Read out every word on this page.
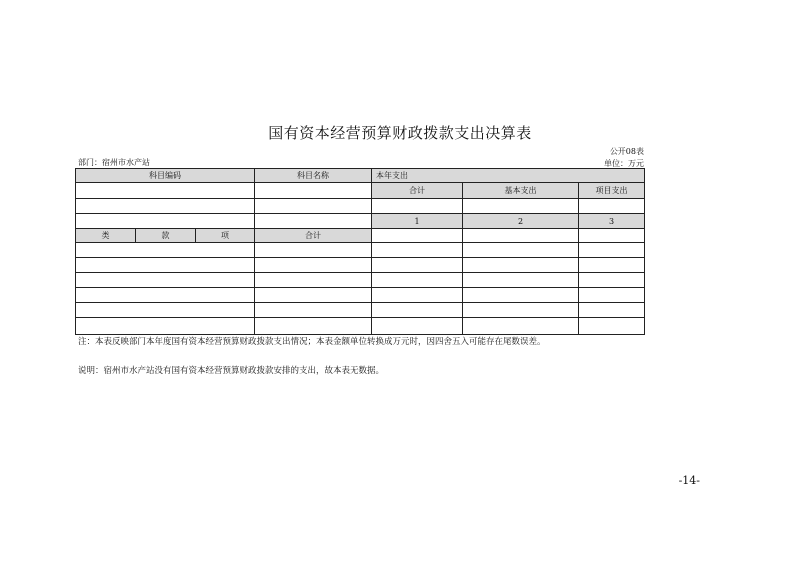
国有资本经营预算财政拨款支出决算表
公开08表
部门：宿州市水产站	单位：万元
科目编码			科目名称	本年支出		
				合计	基本支出	项目支出

				1	2	3
类	款	项	合计			

注：本表反映部门本年度国有资本经营预算财政拨款支出情况；本表金额单位转换成万元时，因四舍五入可能存在尾数误差。
说明：宿州市水产站没有国有资本经营预算财政拨款安排的支出，故本表无数据。
-14-
